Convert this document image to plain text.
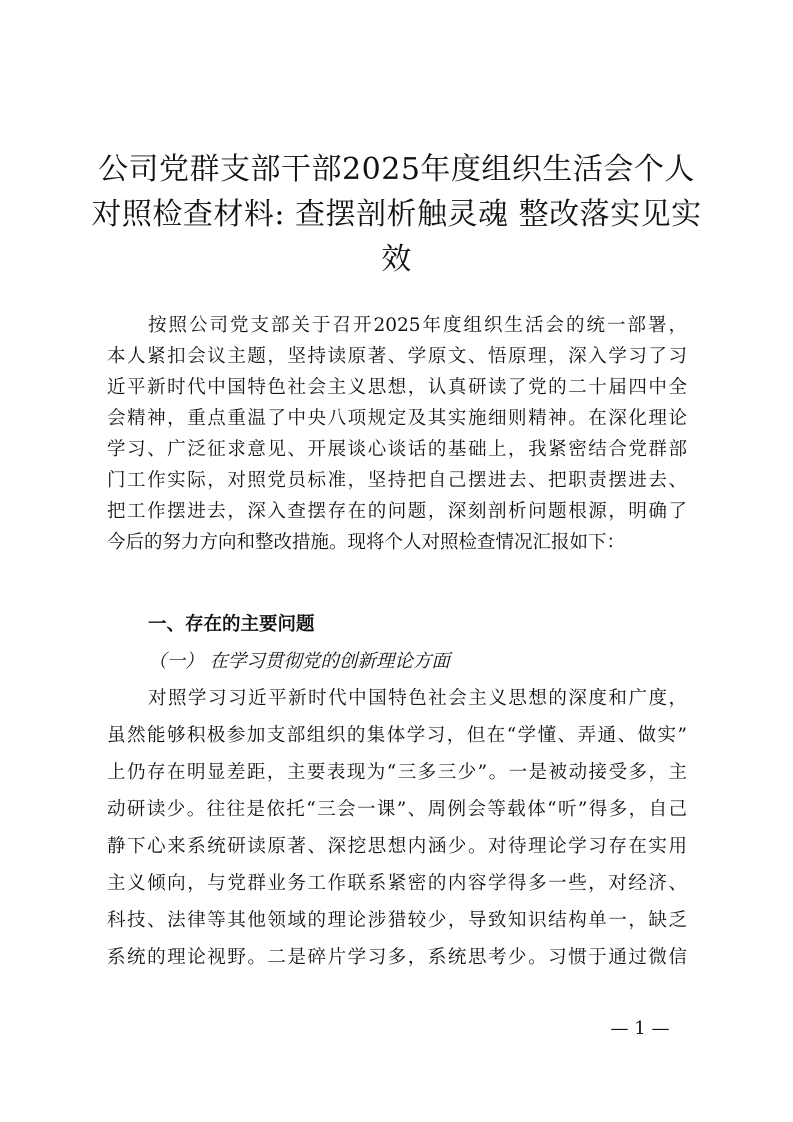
公司党群支部干部2025年度组织生活会个人
对照检查材料: 查摆剖析触灵魂 整改落实见实
效
按照公司党支部关于召开2025年度组织生活会的统一部署，
本人紧扣会议主题，坚持读原著、学原文、悟原理，深入学习了习
近平新时代中国特色社会主义思想，认真研读了党的二十届四中全
会精神，重点重温了中央八项规定及其实施细则精神。在深化理论
学习、广泛征求意见、开展谈心谈话的基础上，我紧密结合党群部
门工作实际，对照党员标准，坚持把自己摆进去、把职责摆进去、
把工作摆进去，深入查摆存在的问题，深刻剖析问题根源，明确了
今后的努力方向和整改措施。现将个人对照检查情况汇报如下：
一、存在的主要问题
（一） 在学习贯彻党的创新理论方面
对照学习习近平新时代中国特色社会主义思想的深度和广度，
虽然能够积极参加支部组织的集体学习，但在“学懂、弄通、做实”
上仍存在明显差距，主要表现为“三多三少”。一是被动接受多，主
动研读少。往往是依托“三会一课”、周例会等载体“听”得多，自己
静下心来系统研读原著、深挖思想内涵少。对待理论学习存在实用
主义倾向，与党群业务工作联系紧密的内容学得多一些，对经济、
科技、法律等其他领域的理论涉猎较少，导致知识结构单一，缺乏
系统的理论视野。二是碎片学习多，系统思考少。习惯于通过微信
— 1 —
